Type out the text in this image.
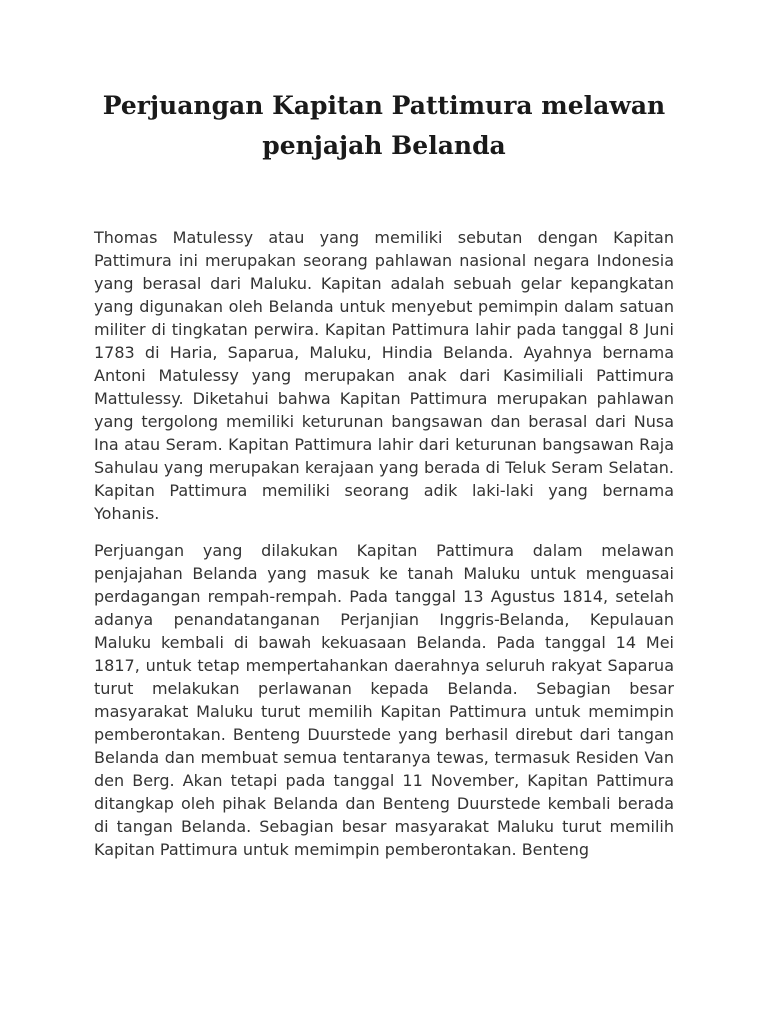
Perjuangan Kapitan Pattimura melawan penjajah Belanda

Thomas Matulessy atau yang memiliki sebutan dengan Kapitan Pattimura ini merupakan seorang pahlawan nasional negara Indonesia yang berasal dari Maluku. Kapitan adalah sebuah gelar kepangkatan yang digunakan oleh Belanda untuk menyebut pemimpin dalam satuan militer di tingkatan perwira. Kapitan Pattimura lahir pada tanggal 8 Juni 1783 di Haria, Saparua, Maluku, Hindia Belanda. Ayahnya bernama Antoni Matulessy yang merupakan anak dari Kasimiliali Pattimura Mattulessy. Diketahui bahwa Kapitan Pattimura merupakan pahlawan yang tergolong memiliki keturunan bangsawan dan berasal dari Nusa Ina atau Seram. Kapitan Pattimura lahir dari keturunan bangsawan Raja Sahulau yang merupakan kerajaan yang berada di Teluk Seram Selatan. Kapitan Pattimura memiliki seorang adik laki-laki yang bernama Yohanis.

Perjuangan yang dilakukan Kapitan Pattimura dalam melawan penjajahan Belanda yang masuk ke tanah Maluku untuk menguasai perdagangan rempah-rempah. Pada tanggal 13 Agustus 1814, setelah adanya penandatanganan Perjanjian Inggris-Belanda, Kepulauan Maluku kembali di bawah kekuasaan Belanda. Pada tanggal 14 Mei 1817, untuk tetap mempertahankan daerahnya seluruh rakyat Saparua turut melakukan perlawanan kepada Belanda. Sebagian besar masyarakat Maluku turut memilih Kapitan Pattimura untuk memimpin pemberontakan. Benteng Duurstede yang berhasil direbut dari tangan Belanda dan membuat semua tentaranya tewas, termasuk Residen Van den Berg. Akan tetapi pada tanggal 11 November, Kapitan Pattimura ditangkap oleh pihak Belanda dan Benteng Duurstede kembali berada di tangan Belanda. Sebagian besar masyarakat Maluku turut memilih Kapitan Pattimura untuk memimpin pemberontakan. Benteng
